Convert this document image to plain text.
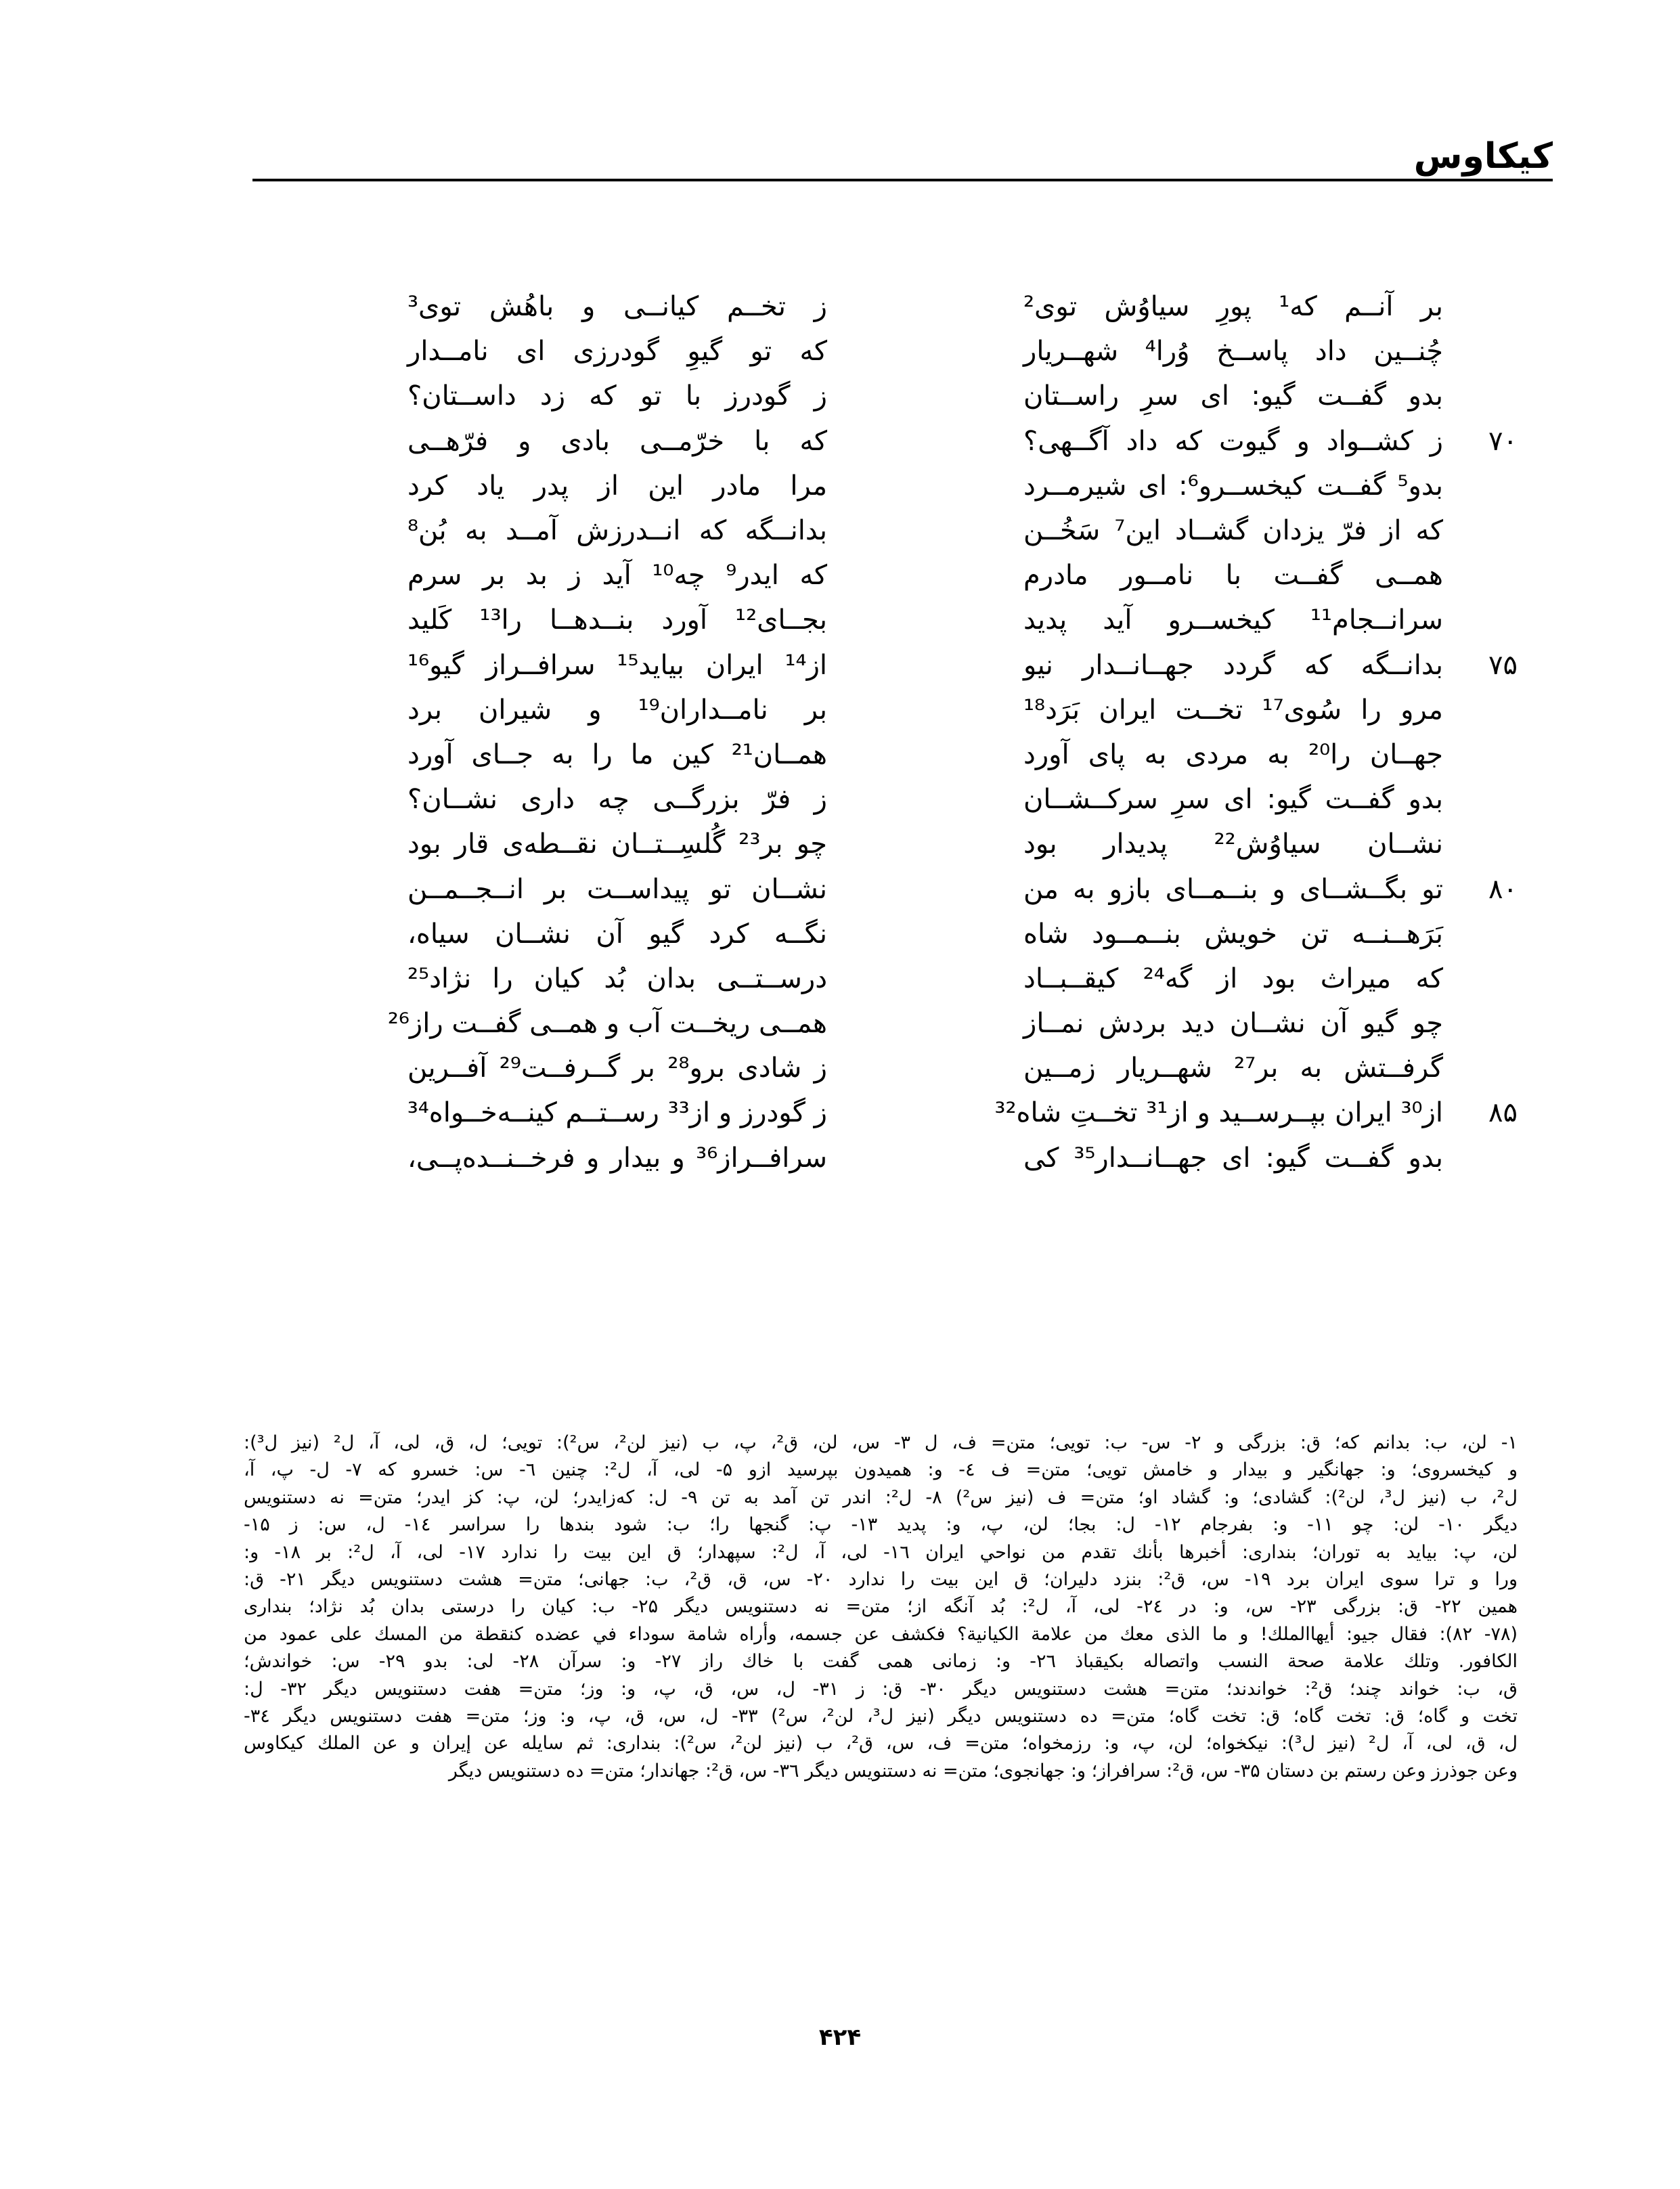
کیکاوس
بر آنــم که¹ پورِ سیاوُش توی²
ز تخــم کیانــی و باهُش توی³
چُنــین داد پاســخ وُرا⁴ شهــریار
که تو گیوِ گودرزی ای نامــدار
بدو گفــت گیو: ای سرِ راســتان
ز گودرز با تو که زد داســتان؟
۷۰
ز کشــواد و گیوت که داد آگــهی؟
که با خرّمــی بادی و فرّهــی
بدو⁵ گفــت کیخســرو⁶: ای شیرمــرد
مرا مادر این از پدر یاد کرد
که از فرّ یزدان گشــاد این⁷ سَخُــن
بدانــگه که انــدرزش آمــد به بُن⁸
همــی گفــت با نامــور مادرم
که ایدر⁹ چه¹⁰ آید ز بد بر سرم
سرانــجام¹¹ کیخســرو آید پدید
بجــای¹² آورد بنــدهــا را¹³ کَلید
۷۵
بدانــگه که گردد جهــانــدار نیو
از¹⁴ ایران بیاید¹⁵ سرافــراز گیو¹⁶
مرو را سُوی¹⁷ تخــت ایران بَرَد¹⁸
بر نامــداران¹⁹ و شیران برد
جهــان را²⁰ به مردی به پای آورد
همــان²¹ کین ما را به جــای آورد
بدو گفــت گیو: ای سرِ سرکــشــان
ز فرّ بزرگــی چه داری نشــان؟
نشــان سیاوُش²² پدیدار بود
چو بر²³ گُلسِــتــان نقــطه‌ی قار بود
۸۰
تو بگــشــای و بنــمــای بازو به من
نشــان تو پیداســت بر انــجــمــن
بَرَهــنــه تن خویش بنــمــود شاه
نگــه کرد گیو آن نشــان سیاه،
که میراث بود از گه²⁴ کیقــبــاد
درســتــی بدان بُد کیان را نژاد²⁵
چو گیو آن نشــان دید بردش نمــاز
همــی ریخــت آب و همــی گفــت راز²⁶
گرفــتش به بر²⁷ شهــریار زمــین
ز شادی برو²⁸ بر گــرفــت²⁹ آفــرین
۸۵
از³⁰ ایران بپــرســید و از³¹ تخــتِ شاه³²
ز گودرز و از³³ رســتــم کینــه‌خــواه³⁴
بدو گفــت گیو: ای جهــانــدار³⁵ کی
سرافــراز³⁶ و بیدار و فرخــنــده‌پــی،
۱- لن، ب: بدانم که؛ ق: بزرگی و ۲- س- ب: تویی؛ متن= ف، ل ۳- س، لن، ق²، پ، ب (نیز لن²، س²): تویی؛ ل، ق، لی، آ، ل² (نیز ل³):
و کیخسروی؛ و: جهانگیر و بیدار و خامش تویی؛ متن= ف ٤- و: همیدون بپرسید ازو ۵- لی، آ، ل²: چنین ٦- س: خسرو که ۷- ل- پ، آ،
ل²، ب (نیز ل³، لن²): گشادی؛ و: گشاد او؛ متن= ف (نیز س²) ۸- ل²: اندر تن آمد به تن ۹- ل: که‌زایدر؛ لن، پ: کز ایدر؛ متن= نه دستنویس
دیگر ۱۰- لن: چو ۱۱- و: بفرجام ۱۲- ل: بجا؛ لن، پ، و: پدید ۱۳- پ: گنجها را؛ ب: شود بندها را سراسر ١٤- ل، س: ز ۱۵-
لن، پ: بیاید به توران؛ بنداری: أخبرها بأنك تقدم من نواحي ايران ۱٦- لی، آ، ل²: سپهدار؛ ق این بیت را ندارد ۱۷- لی، آ، ل²: بر ۱۸- و:
ورا و ترا سوی ایران برد ۱۹- س، ق²: بنزد دلیران؛ ق این بیت را ندارد ۲۰- س، ق، ق²، ب: جهانی؛ متن= هشت دستنویس دیگر ۲۱- ق:
همین ۲۲- ق: بزرگی ۲۳- س، و: در ۲٤- لی، آ، ل²: بُد آنگه از؛ متن= نه دستنویس دیگر ۲۵- ب: کیان را درستی بدان بُد نژاد؛ بنداری
(۷۸- ۸۲): فقال جيو: أيهاالملك! و ما الذى معك من علامة الكيانية؟ فكشف عن جسمه، وأراه شامة سوداء في عضده كنقطة من المسك على عمود من
الكافور. وتلك علامة صحة النسب واتصاله بكيقباذ ۲٦- و: زمانی همی گفت با خاك راز ۲۷- و: سرآن ۲۸- لی: بدو ۲۹- س: خواندش؛
ق، ب: خواند چند؛ ق²: خواندند؛ متن= هشت دستنویس دیگر ۳۰- ق: ز ۳۱- ل، س، ق، پ، و: وز؛ متن= هفت دستنویس دیگر ۳۲- ل:
تخت و گاه؛ ق: تخت گاه؛ ق: تخت گاه؛ متن= ده دستنویس دیگر (نیز ل³، لن²، س²) ۳۳- ل، س، ق، پ، و: وز؛ متن= هفت دستنویس دیگر ۳٤-
ل، ق، لی، آ، ل² (نیز ل³): نیکخواه؛ لن، پ، و: رزمخواه؛ متن= ف، س، ق²، ب (نیز لن²، س²): بنداری: ثم سايله عن إيران و عن الملك كيكاوس
وعن جوذرز وعن رستم بن دستان ۳۵- س، ق²: سرافراز؛ و: جهانجوی؛ متن= نه دستنویس دیگر ۳٦- س، ق²: جهاندار؛ متن= ده دستنویس دیگر
۴۲۴
